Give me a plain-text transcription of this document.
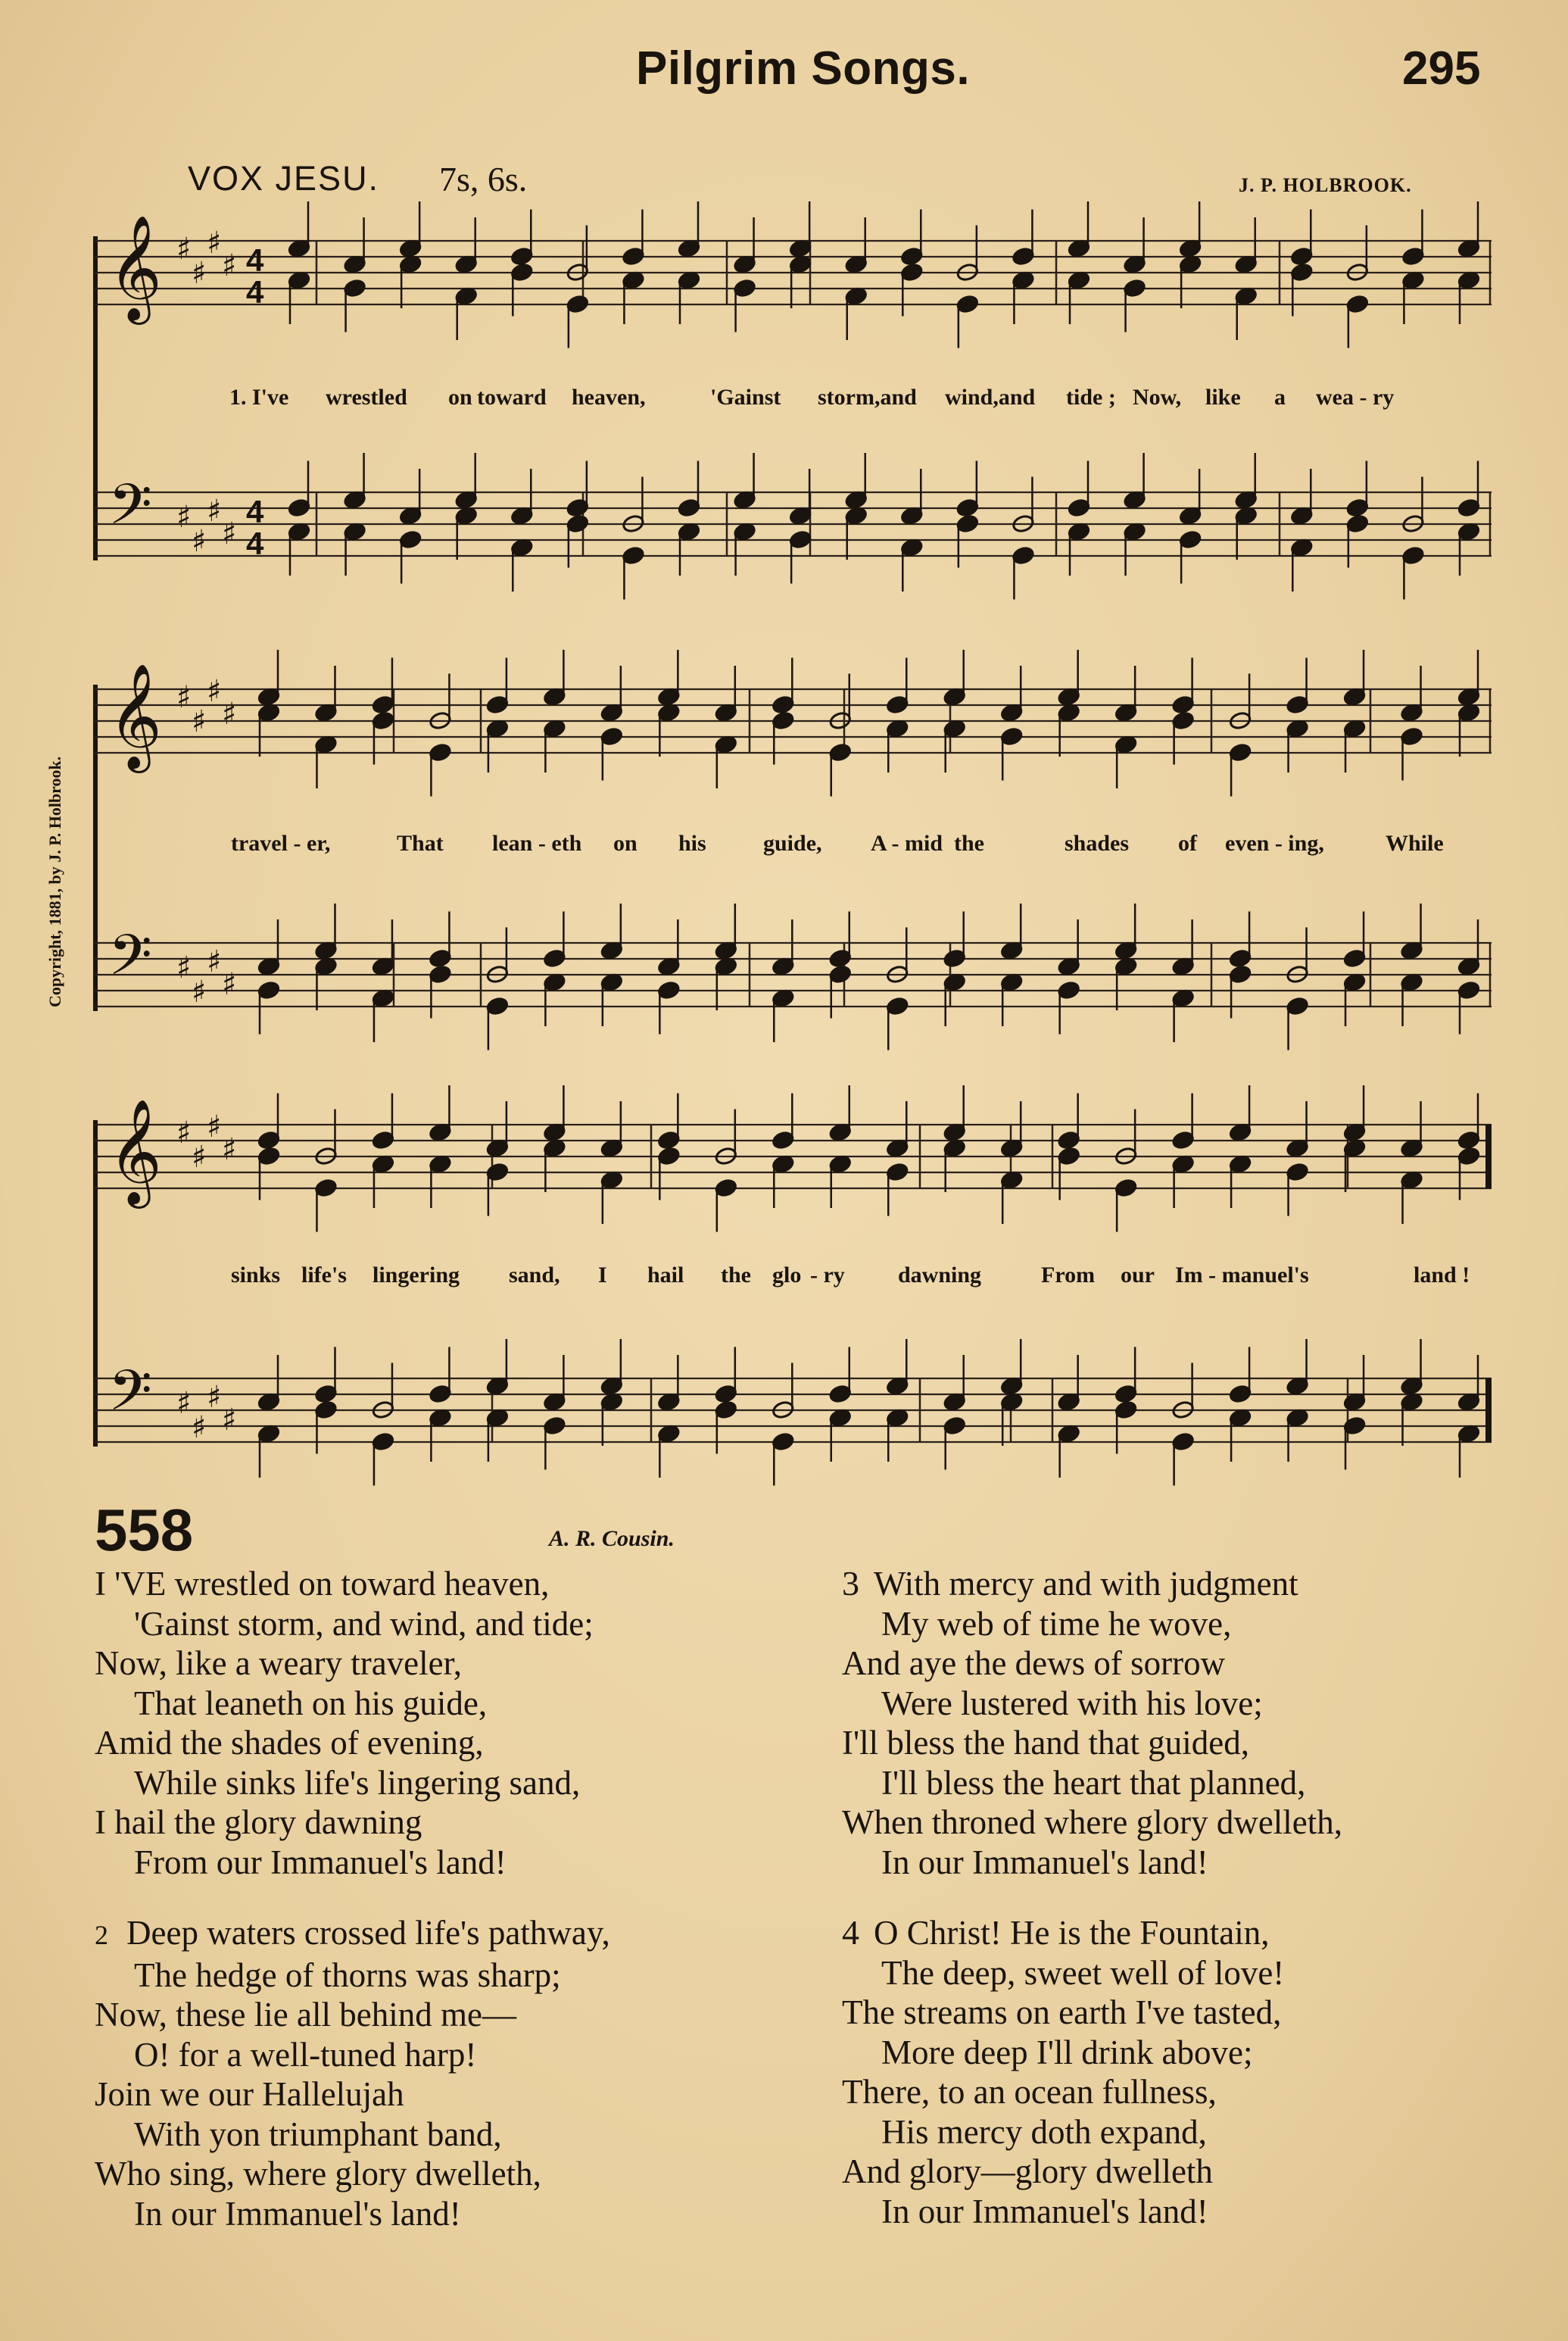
Pilgrim Songs.	295
VOX JESU. 7s, 6s.	J. P. HOLBROOK.
Copyright, 1881, by J. P. Holbrook.
𝄞 ♯
♯
♯
♯ 4
4
𝄢 ♯
♯
♯
♯
4
4
𝄞 ♯
♯
♯
♯
𝄢 ♯
♯
♯
♯
𝄞 ♯
♯
♯
♯
𝄢 ♯
♯
♯
♯
1. I've wrestled on toward heaven,	'Gainst storm,and wind,and tide ; Now, like a wea - ry
travel - er,	That lean - eth on his	guide, A - mid the	shades of even - ing,	While
sinks life's lingering sand, I hail the glo - ry dawning	From our Im - manuel's	land !
558	A. R. Cousin.
I 'VE wrestled on toward heaven,
'Gainst storm, and wind, and tide;
Now, like a weary traveler,
That leaneth on his guide,
Amid the shades of evening,
While sinks life's lingering sand,
I hail the glory dawning
From our Immanuel's land!
2 Deep waters crossed life's pathway,
The hedge of thorns was sharp;
Now, these lie all behind me—
O! for a well-tuned harp!
Join we our Hallelujah
With yon triumphant band,
Who sing, where glory dwelleth,
In our Immanuel's land!
3 With mercy and with judgment
My web of time he wove,
And aye the dews of sorrow
Were lustered with his love;
I'll bless the hand that guided,
I'll bless the heart that planned,
When throned where glory dwelleth,
In our Immanuel's land!
4 O Christ! He is the Fountain,
The deep, sweet well of love!
The streams on earth I've tasted,
More deep I'll drink above;
There, to an ocean fullness,
His mercy doth expand,
And glory—glory dwelleth
In our Immanuel's land!
